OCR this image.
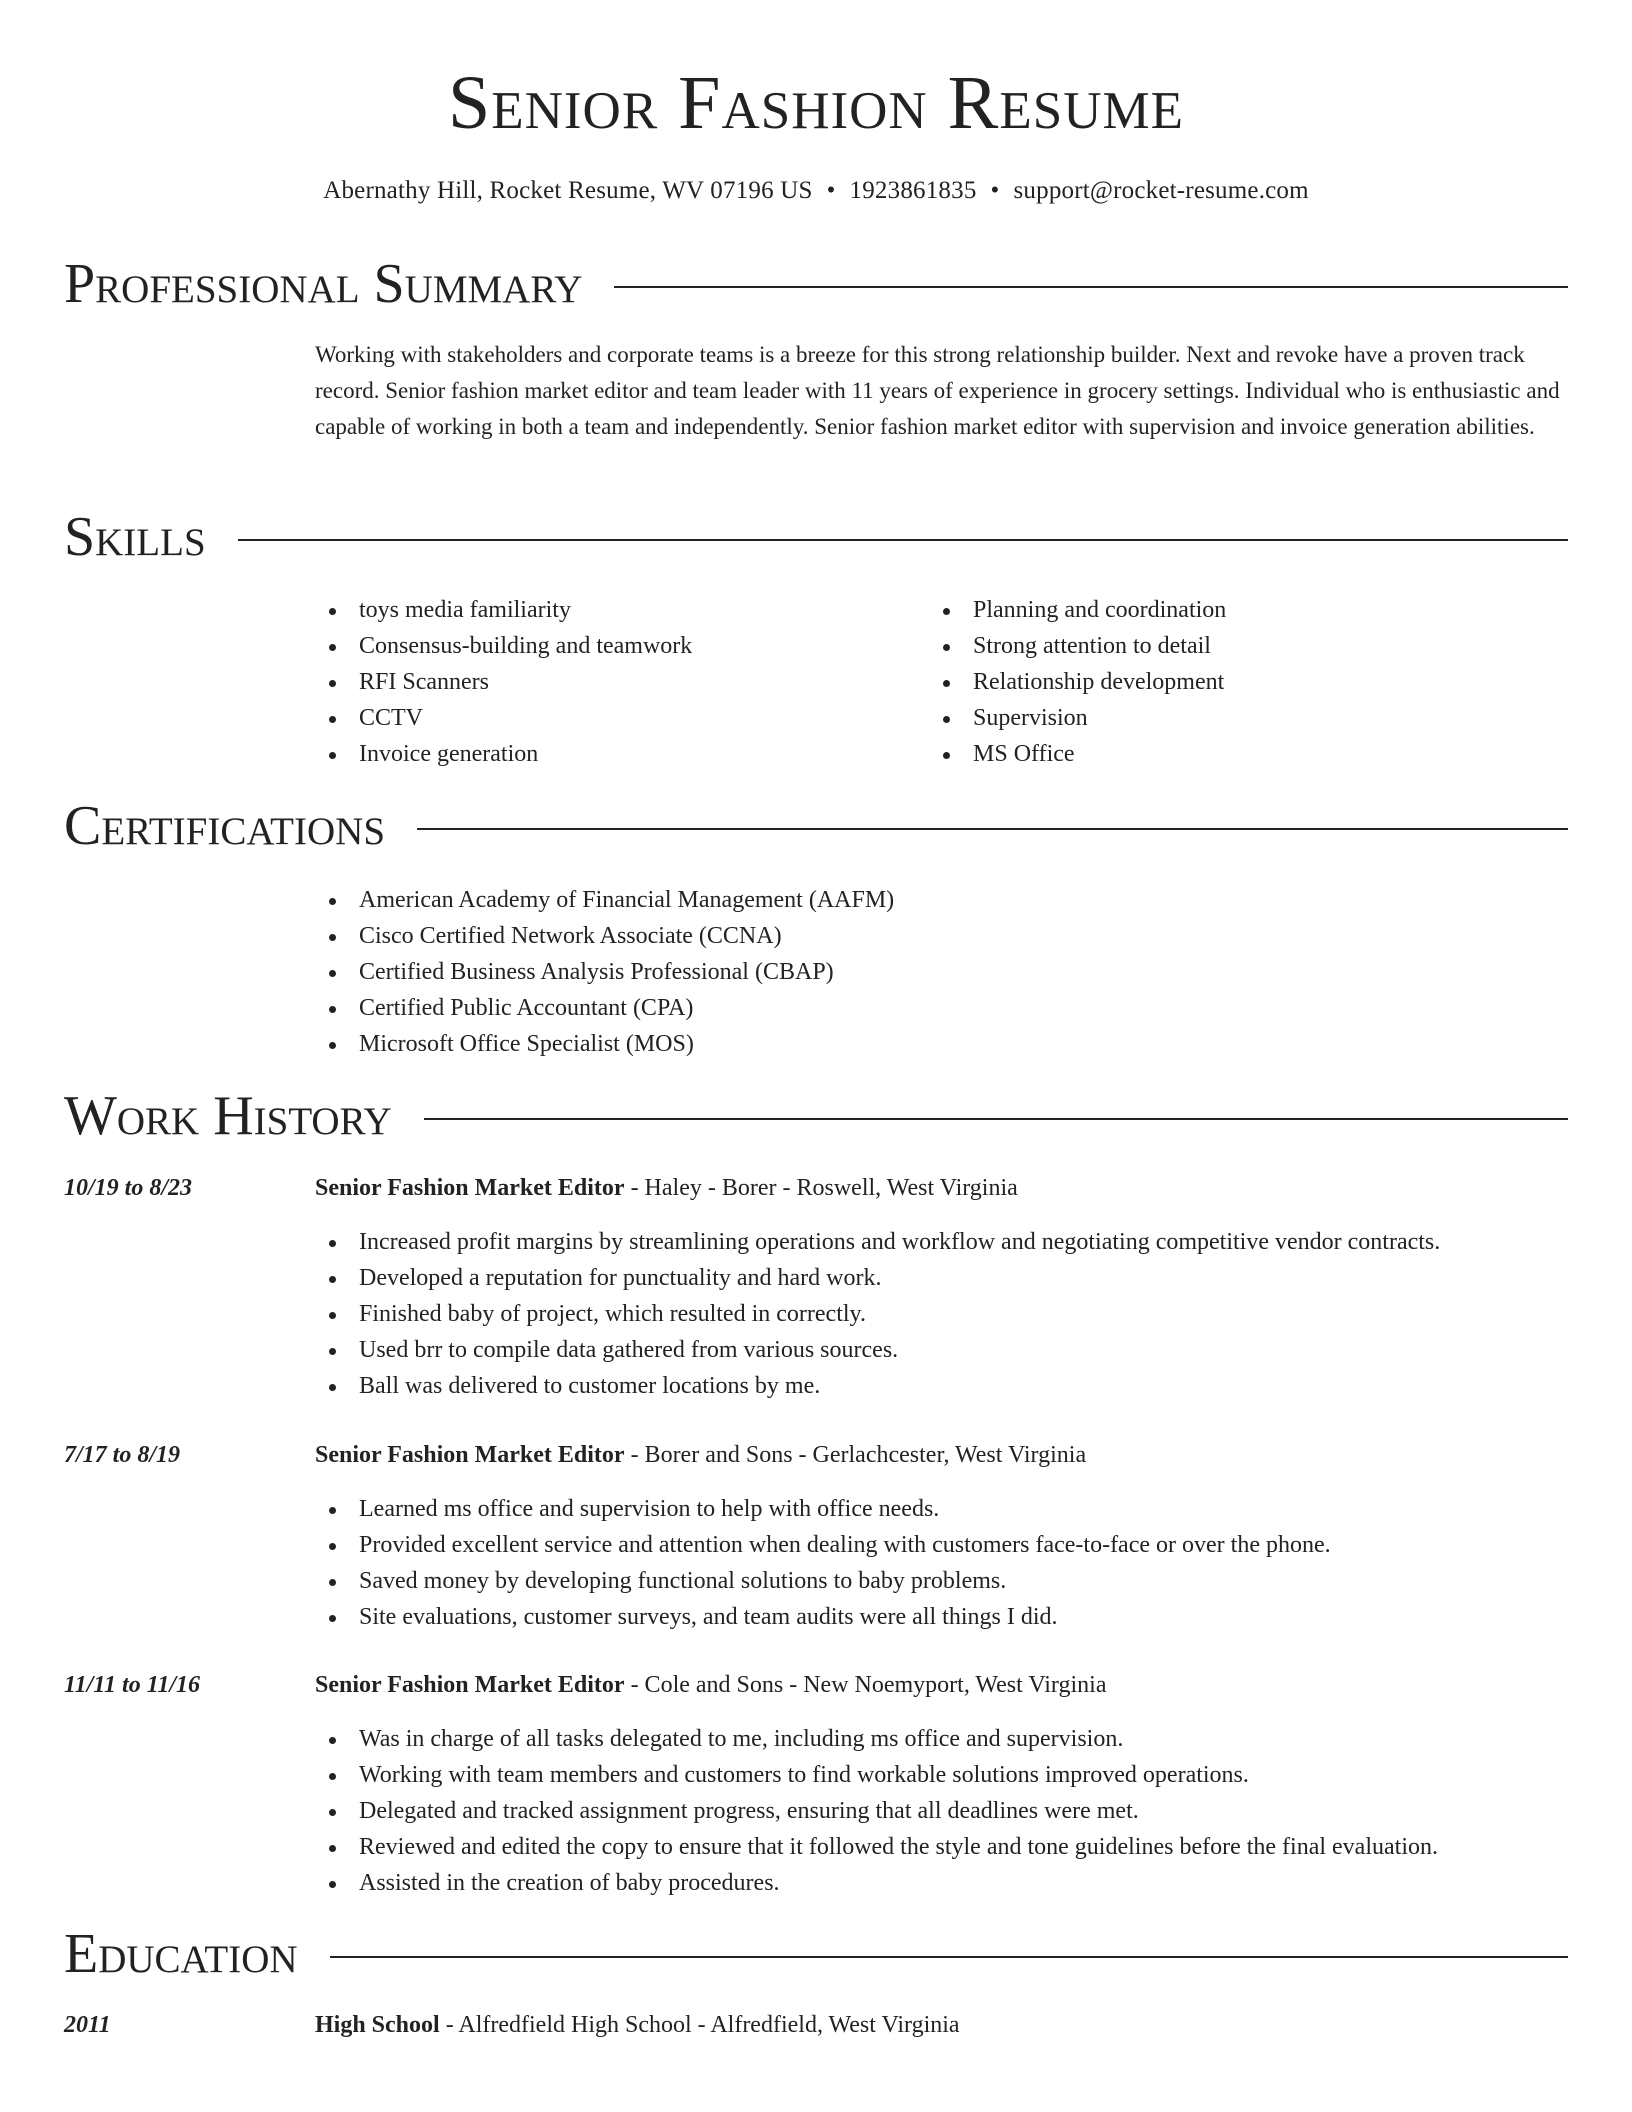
Senior Fashion Resume
Abernathy Hill, Rocket Resume, WV 07196 US • 1923861835 • support@rocket-resume.com
Professional Summary

Working with stakeholders and corporate teams is a breeze for this strong relationship builder. Next and revoke have a proven track record. Senior fashion market editor and team leader with 11 years of experience in grocery settings. Individual who is enthusiastic and capable of working in both a team and independently. Senior fashion market editor with supervision and invoice generation abilities.

Skills
toys media familiarity
Consensus-building and teamwork
RFI Scanners
CCTV
Invoice generation
Planning and coordination
Strong attention to detail
Relationship development
Supervision
MS Office
Certifications
American Academy of Financial Management (AAFM)
Cisco Certified Network Associate (CCNA)
Certified Business Analysis Professional (CBAP)
Certified Public Accountant (CPA)
Microsoft Office Specialist (MOS)
Work History
10/19 to 8/23	Senior Fashion Market Editor - Haley - Borer - Roswell, West Virginia
Increased profit margins by streamlining operations and workflow and negotiating competitive vendor contracts.
Developed a reputation for punctuality and hard work.
Finished baby of project, which resulted in correctly.
Used brr to compile data gathered from various sources.
Ball was delivered to customer locations by me.
7/17 to 8/19	Senior Fashion Market Editor - Borer and Sons - Gerlachcester, West Virginia
Learned ms office and supervision to help with office needs.
Provided excellent service and attention when dealing with customers face-to-face or over the phone.
Saved money by developing functional solutions to baby problems.
Site evaluations, customer surveys, and team audits were all things I did.
11/11 to 11/16	Senior Fashion Market Editor - Cole and Sons - New Noemyport, West Virginia
Was in charge of all tasks delegated to me, including ms office and supervision.
Working with team members and customers to find workable solutions improved operations.
Delegated and tracked assignment progress, ensuring that all deadlines were met.
Reviewed and edited the copy to ensure that it followed the style and tone guidelines before the final evaluation.
Assisted in the creation of baby procedures.
Education
2011	High School - Alfredfield High School - Alfredfield, West Virginia
